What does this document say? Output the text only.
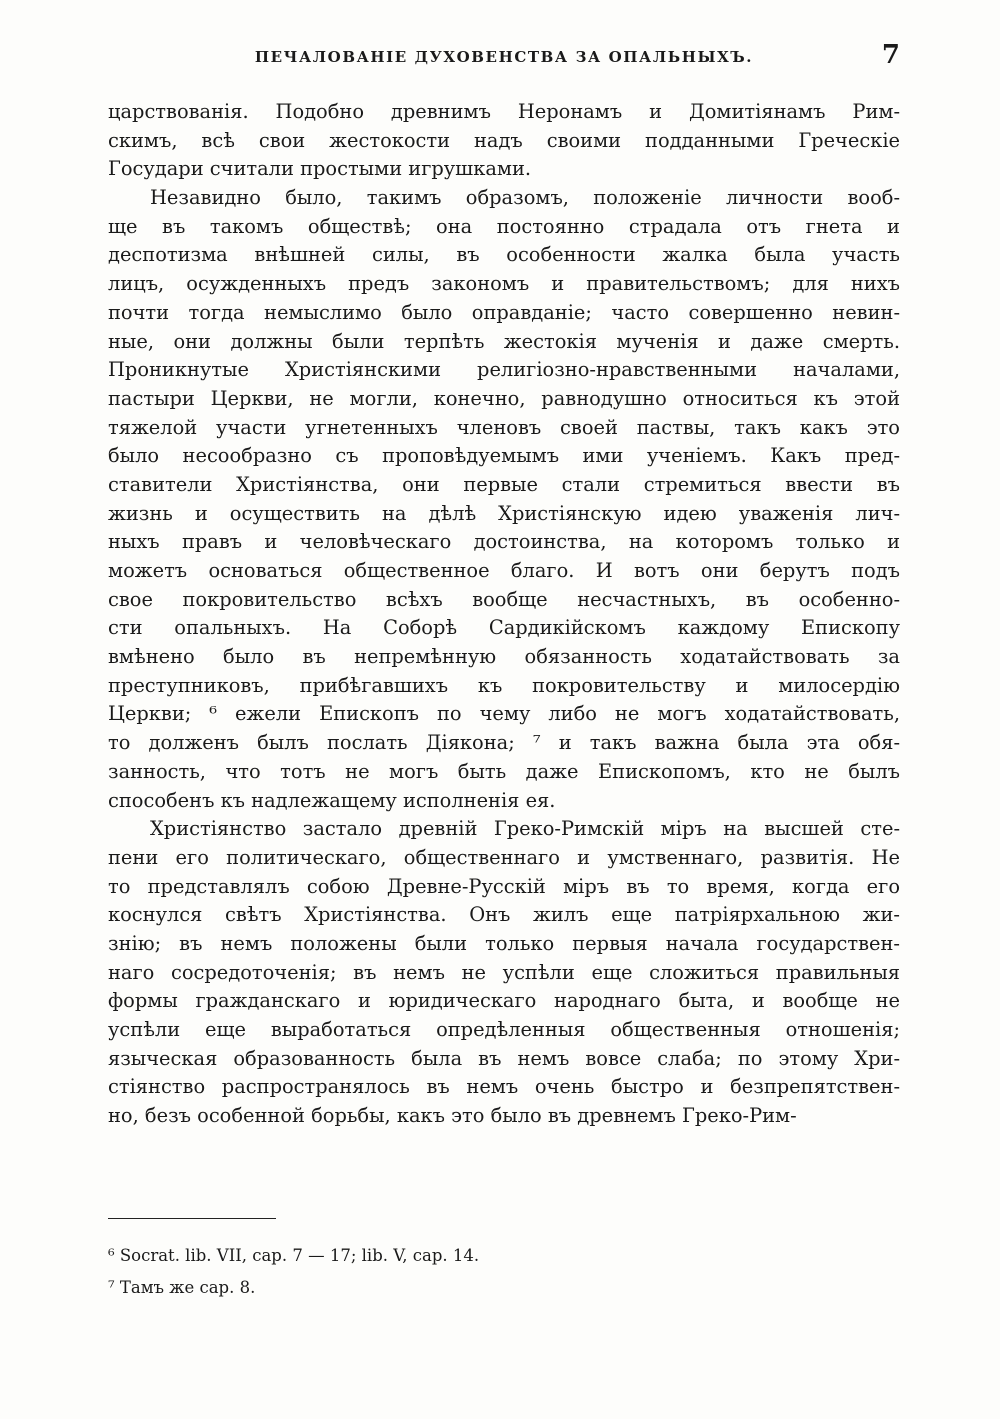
ПЕЧАЛОВАНІЕ ДУХОВЕНСТВА ЗА ОПАЛЬНЫХЪ.	7
царствованія. Подобно древнимъ Неронамъ и Домитіянамъ Рим-
скимъ, всѣ свои жестокости надъ своими подданными Греческіе
Государи считали простыми игрушками.
Незавидно было, такимъ образомъ, положеніе личности вооб-
ще въ такомъ обществѣ; она постоянно страдала отъ гнета и
деспотизма внѣшней силы, въ особенности жалка была участь
лицъ, осужденныхъ предъ закономъ и правительствомъ; для нихъ
почти тогда немыслимо было оправданіе; часто совершенно невин-
ные, они должны были терпѣть жестокія мученія и даже смерть.
Проникнутые Христіянскими религіозно-нравственными началами,
пастыри Церкви, не могли, конечно, равнодушно относиться къ этой
тяжелой участи угнетенныхъ членовъ своей паствы, такъ какъ это
было несообразно съ проповѣдуемымъ ими ученіемъ. Какъ пред-
ставители Христіянства, они первые стали стремиться ввести въ
жизнь и осуществить на дѣлѣ Христіянскую идею уваженія лич-
ныхъ правъ и человѣческаго достоинства, на которомъ только и
можетъ основаться общественное благо. И вотъ они берутъ подъ
свое покровительство всѣхъ вообще несчастныхъ, въ особенно-
сти опальныхъ. На Соборѣ Сардикійскомъ каждому Епископу
вмѣнено было въ непремѣнную обязанность ходатайствовать за
преступниковъ, прибѣгавшихъ къ покровительству и милосердію
Церкви; ⁶ ежели Епископъ по чему либо не могъ ходатайствовать,
то долженъ былъ послать Діякона; ⁷ и такъ важна была эта обя-
занность, что тотъ не могъ быть даже Епископомъ, кто не былъ
способенъ къ надлежащему исполненія ея.
Христіянство застало древній Греко-Римскій міръ на высшей сте-
пени его политическаго, общественнаго и умственнаго, развитія. Не
то представлялъ собою Древне-Русскій міръ въ то время, когда его
коснулся свѣтъ Христіянства. Онъ жилъ еще патріярхальною жи-
знію; въ немъ положены были только первыя начала государствен-
наго сосредоточенія; въ немъ не успѣли еще сложиться правильныя
формы гражданскаго и юридическаго народнаго быта, и вообще не
успѣли еще выработаться опредѣленныя общественныя отношенія;
языческая образованность была въ немъ вовсе слаба; по этому Хри-
стіянство распространялось въ немъ очень быстро и безпрепятствен-
но, безъ особенной борьбы, какъ это было въ древнемъ Греко-Рим-
⁶ Socrat. lib. VII, cap. 7 — 17; lib. V, cap. 14.
⁷ Тамъ же cap. 8.
